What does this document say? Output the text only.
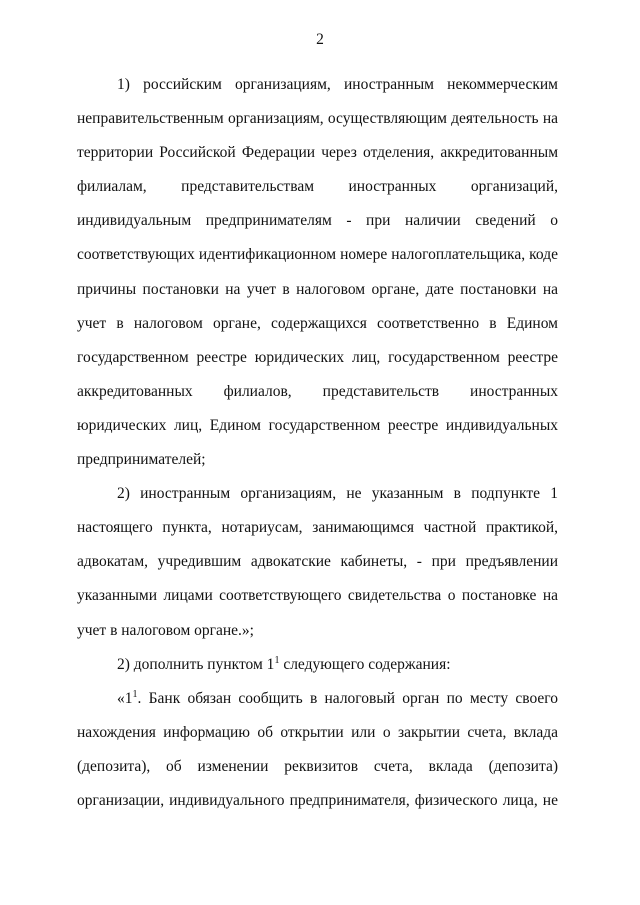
2

1) российским организациям, иностранным некоммерческим неправительственным организациям, осуществляющим деятельность на территории Российской Федерации через отделения, аккредитованным филиалам, представительствам иностранных организаций, индивидуальным предпринимателям - при наличии сведений о соответствующих идентификационном номере налогоплательщика, коде причины постановки на учет в налоговом органе, дате постановки на учет в налоговом органе, содержащихся соответственно в Едином государственном реестре юридических лиц, государственном реестре аккредитованных филиалов, представительств иностранных юридических лиц, Едином государственном реестре индивидуальных предпринимателей;

2) иностранным организациям, не указанным в подпункте 1 настоящего пункта, нотариусам, занимающимся частной практикой, адвокатам, учредившим адвокатские кабинеты, - при предъявлении указанными лицами соответствующего свидетельства о постановке на учет в налоговом органе.»;

2) дополнить пунктом $1^1$ следующего содержания:

«$1^1$. Банк обязан сообщить в налоговый орган по месту своего нахождения информацию об открытии или о закрытии счета, вклада (депозита), об изменении реквизитов счета, вклада (депозита) организации, индивидуального предпринимателя, физического лица, не
